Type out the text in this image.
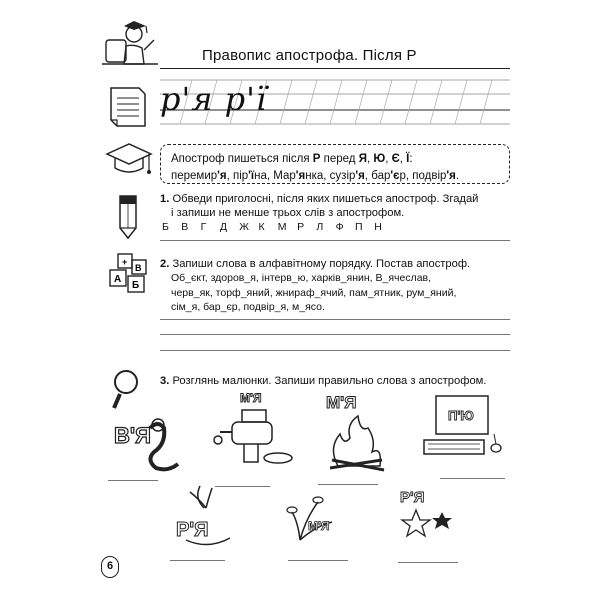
Правопис апострофа. Після Р
р'я р'ї
Апостроф пишеться після Р перед Я, Ю, Є, Ї:
перемир'я, пір'їна, Мар'янка, сузір'я, бар'єр, подвір'я.
1. Обведи приголосні, після яких пишеться апостроф. Згадай
і запиши не менше трьох слів з апострофом.
Б В Г Д Ж К М Р Л Ф П Н
+
В
А
Б
2. Запиши слова в алфавітному порядку. Постав апостроф.
Об_єкт, здоров_я, інтерв_ю, харків_янин, В_ячеслав,
черв_як, торф_яний, жнираф_ячий, пам_ятник, рум_яний,
сім_я, бар_єр, подвір_я, м_ясо.
3. Розглянь малюнки. Запиши правильно слова з апострофом.
В'Я
М'Я	М'Я
П'Ю
Р'Я	М'Я
Р'Я
6
